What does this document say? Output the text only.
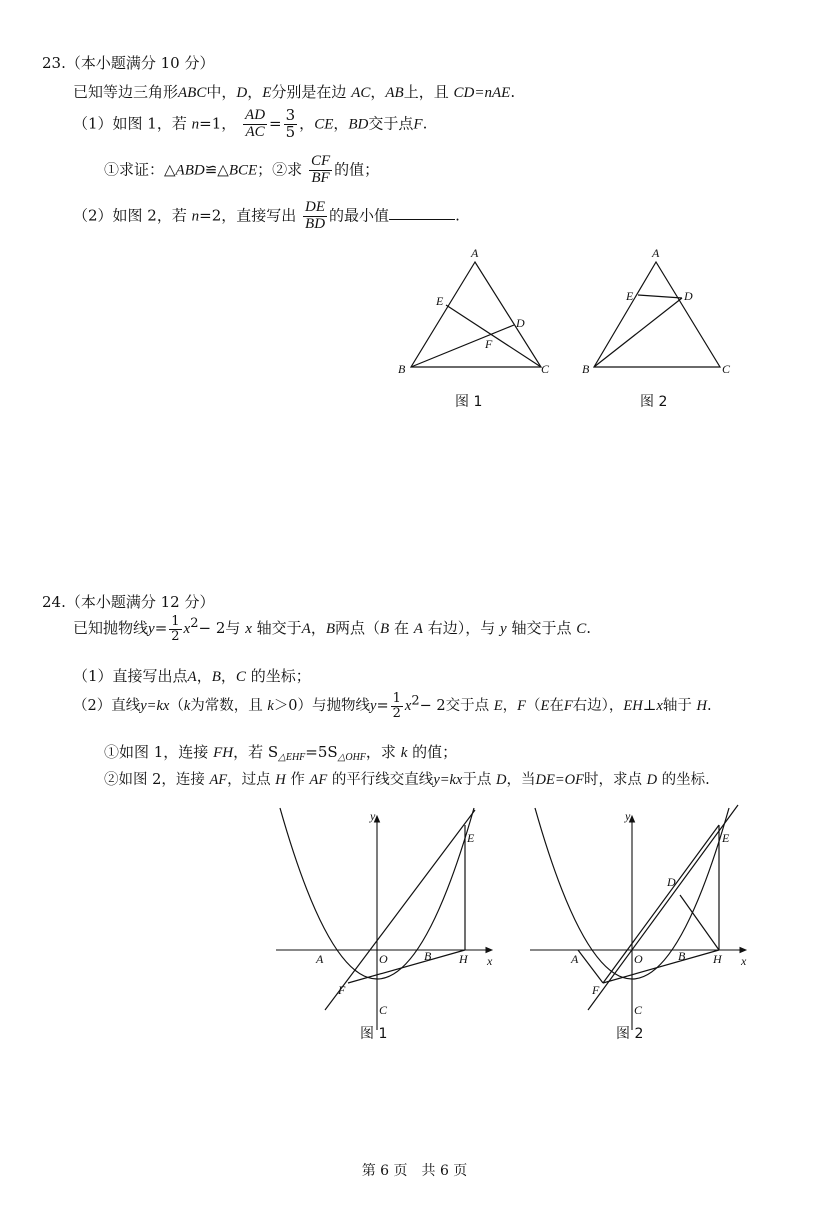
23.（本小题满分 10 分）
已知等边三角形ABC中，D，E分别是在边 AC，AB上，且 CD=nAE.
（1）如图 1，若 n=1， $\frac{AD}{AC} = \frac{3}{5}$ ，CE，BD交于点F.
①求证：△ABD≌△BCE；②求 $\frac{CF}{BF}$ 的值；
（2）如图 2，若 n=2，直接写出 $\frac{DE}{BD}$ 的最小值	.
A
B	C
D
E
F
图 1
A
B	C
D
E
图 2
24.（本小题满分 12 分）
已知抛物线$y= \frac{1}{2} x^2- 2$与 x 轴交于A，B两点（B 在 A 右边），与 y 轴交于点 C.
（1）直接写出点A，B，C 的坐标；
（2）直线y=kx（k为常数，且 k＞0）与抛物线$y= \frac{1}{2} x^2- 2$交于点 E，F（E在F右边），EH⊥x轴于 H.
①如图 1，连接 FH，若 $S_{\triangle EHF}=5S_{\triangle OHF}$，求 k 的值；
②如图 2，连接 AF，过点 H 作 AF 的平行线交直线y=kx于点 D，当DE=OF时，求点 D 的坐标.
y
x
A	B
C
E
F
H
O
图 1
y
x
A	B
C
D
E
F
H
O
图 2
第 6 页　共 6 页
